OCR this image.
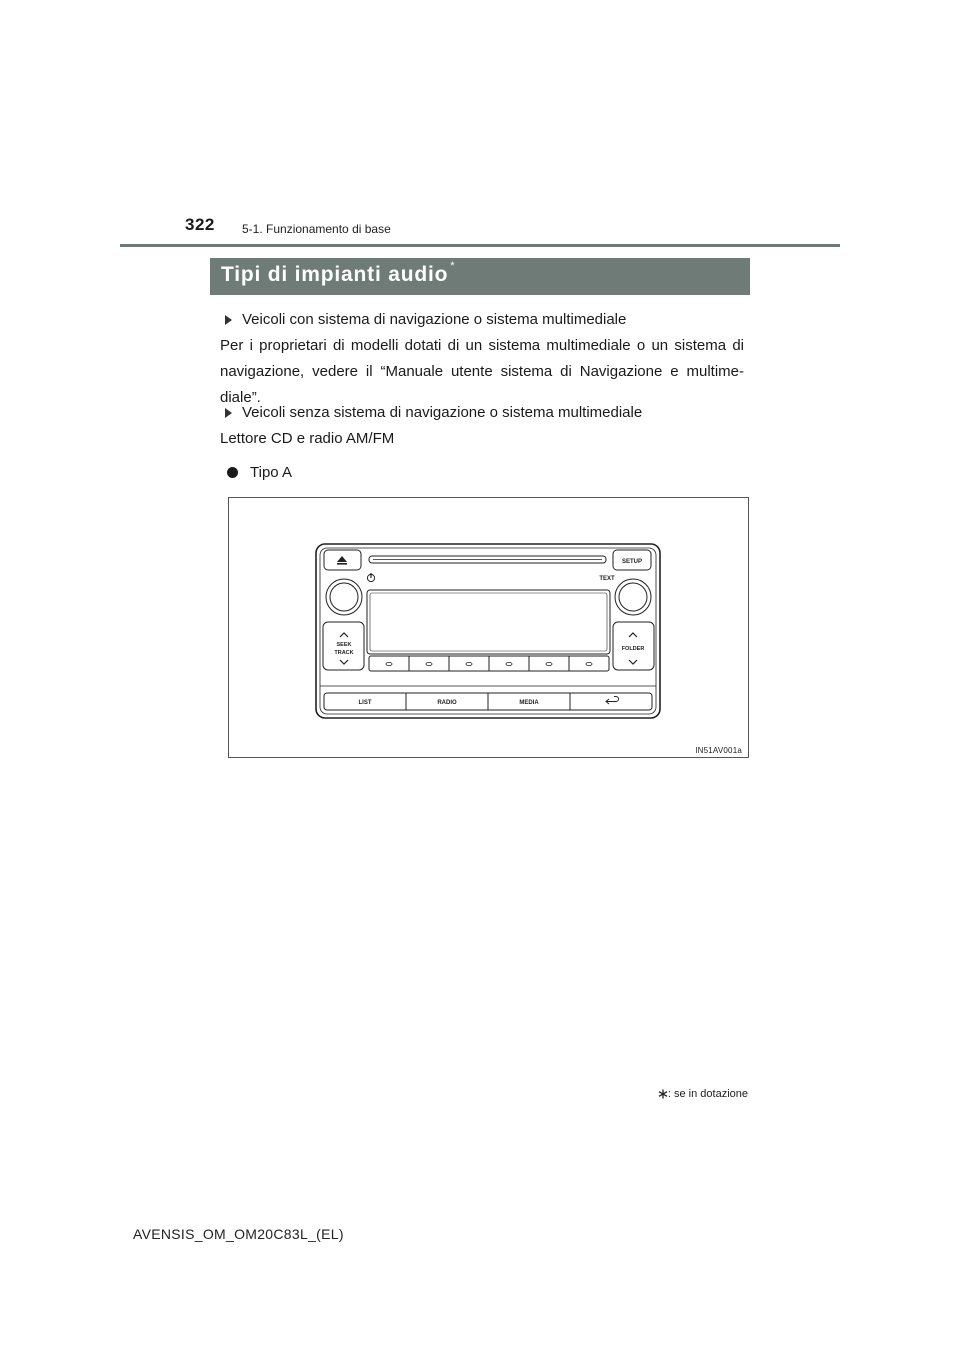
322 5-1. Funzionamento di base
Tipi di impianti audio *
Veicoli con sistema di navigazione o sistema multimediale
Per i proprietari di modelli dotati di un sistema multimediale o un sistema di navigazione, vedere il “Manuale utente sistema di Navigazione e multime-diale”.
Veicoli senza sistema di navigazione o sistema multimediale
Lettore CD e radio AM/FM
Tipo A
SETUP
TEXT
SEEK
TRACK
FOLDER
LIST	RADIO	MEDIA
IN51AV001a
: se in dotazione
AVENSIS_OM_OM20C83L_(EL)
